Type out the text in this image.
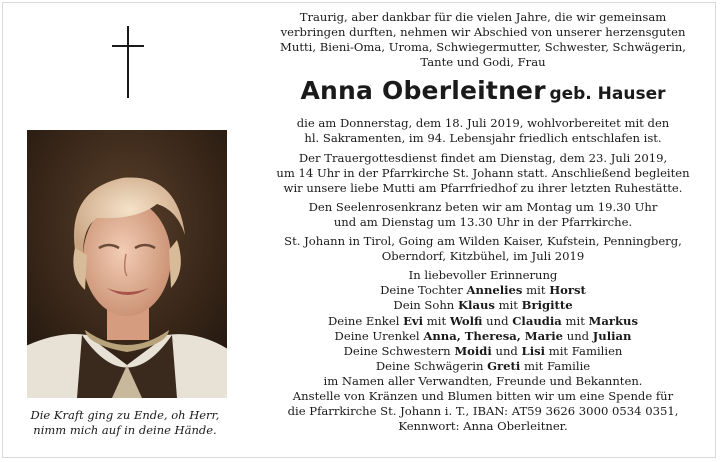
Die Kraft ging zu Ende, oh Herr,
nimm mich auf in deine Hände.

Traurig, aber dankbar für die vielen Jahre, die wir gemeinsam
verbringen durften, nehmen wir Abschied von unserer herzensguten
Mutti, Bieni-Oma, Uroma, Schwiegermutter, Schwester, Schwägerin,
Tante und Godi, Frau

Anna Oberleitner geb. Hauser

die am Donnerstag, dem 18. Juli 2019, wohlvorbereitet mit den
hl. Sakramenten, im 94. Lebensjahr friedlich entschlafen ist.

Der Trauergottesdienst findet am Dienstag, dem 23. Juli 2019,
um 14 Uhr in der Pfarrkirche St. Johann statt. Anschließend begleiten
wir unsere liebe Mutti am Pfarrfriedhof zu ihrer letzten Ruhestätte.

Den Seelenrosenkranz beten wir am Montag um 19.30 Uhr
und am Dienstag um 13.30 Uhr in der Pfarrkirche.

St. Johann in Tirol, Going am Wilden Kaiser, Kufstein, Penningberg,
Oberndorf, Kitzbühel, im Juli 2019

In liebevoller Erinnerung
Deine Tochter Annelies mit Horst
Dein Sohn Klaus mit Brigitte
Deine Enkel Evi mit Wolfi und Claudia mit Markus
Deine Urenkel Anna, Theresa, Marie und Julian
Deine Schwestern Moidi und Lisi mit Familien
Deine Schwägerin Greti mit Familie
im Namen aller Verwandten, Freunde und Bekannten.

Anstelle von Kränzen und Blumen bitten wir um eine Spende für
die Pfarrkirche St. Johann i. T., IBAN: AT59 3626 3000 0534 0351,
Kennwort: Anna Oberleitner.
